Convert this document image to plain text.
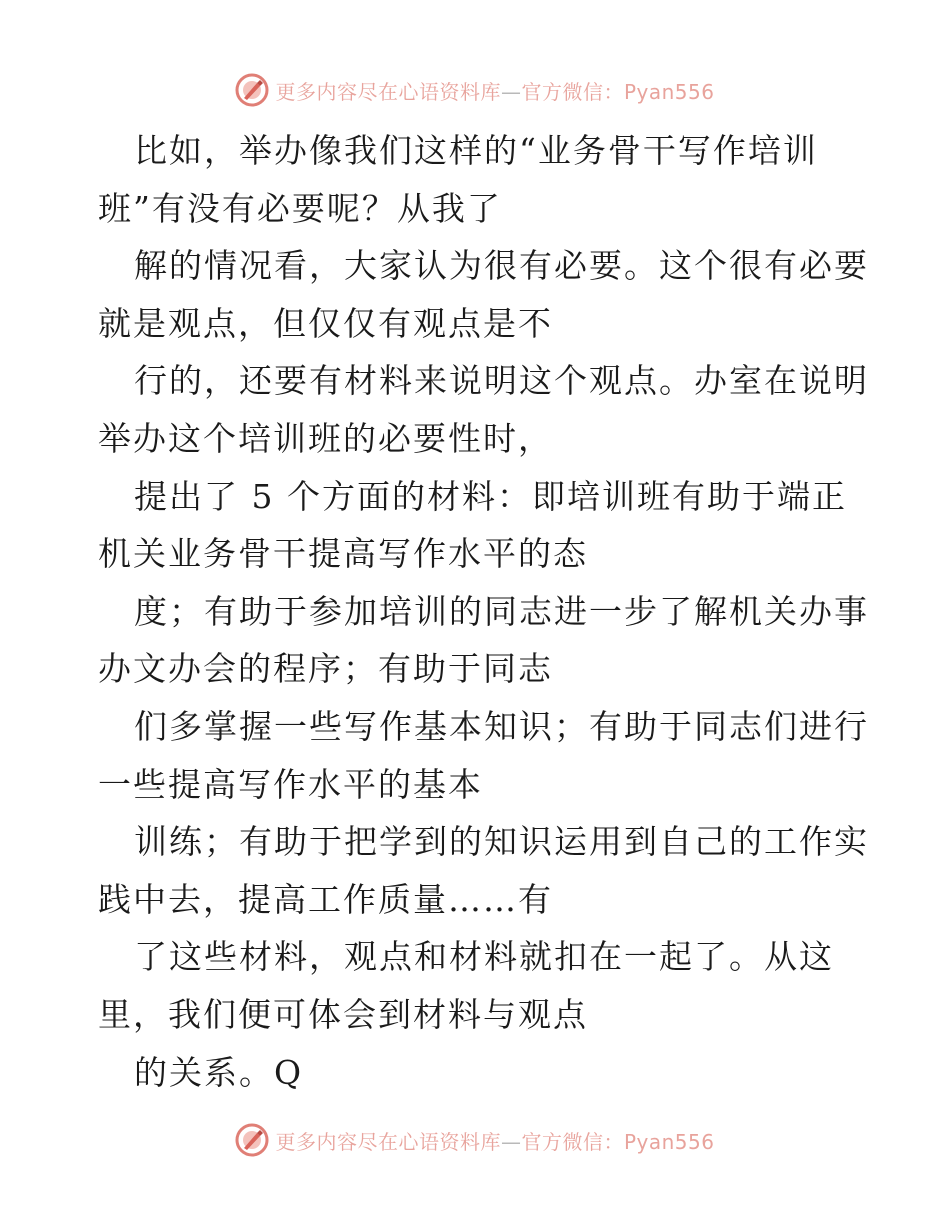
更多内容尽在心语资料库—官方微信：Pyan556
比如，举办像我们这样的“业务骨干写作培训
班”有没有必要呢？从我了
解的情况看，大家认为很有必要。这个很有必要
就是观点，但仅仅有观点是不
行的，还要有材料来说明这个观点。办室在说明
举办这个培训班的必要性时，
提出了 5 个方面的材料：即培训班有助于端正
机关业务骨干提高写作水平的态
度；有助于参加培训的同志进一步了解机关办事
办文办会的程序；有助于同志
们多掌握一些写作基本知识；有助于同志们进行
一些提高写作水平的基本
训练；有助于把学到的知识运用到自己的工作实
践中去，提高工作质量……有
了这些材料，观点和材料就扣在一起了。从这
里，我们便可体会到材料与观点
的关系。Q
更多内容尽在心语资料库—官方微信：Pyan556
